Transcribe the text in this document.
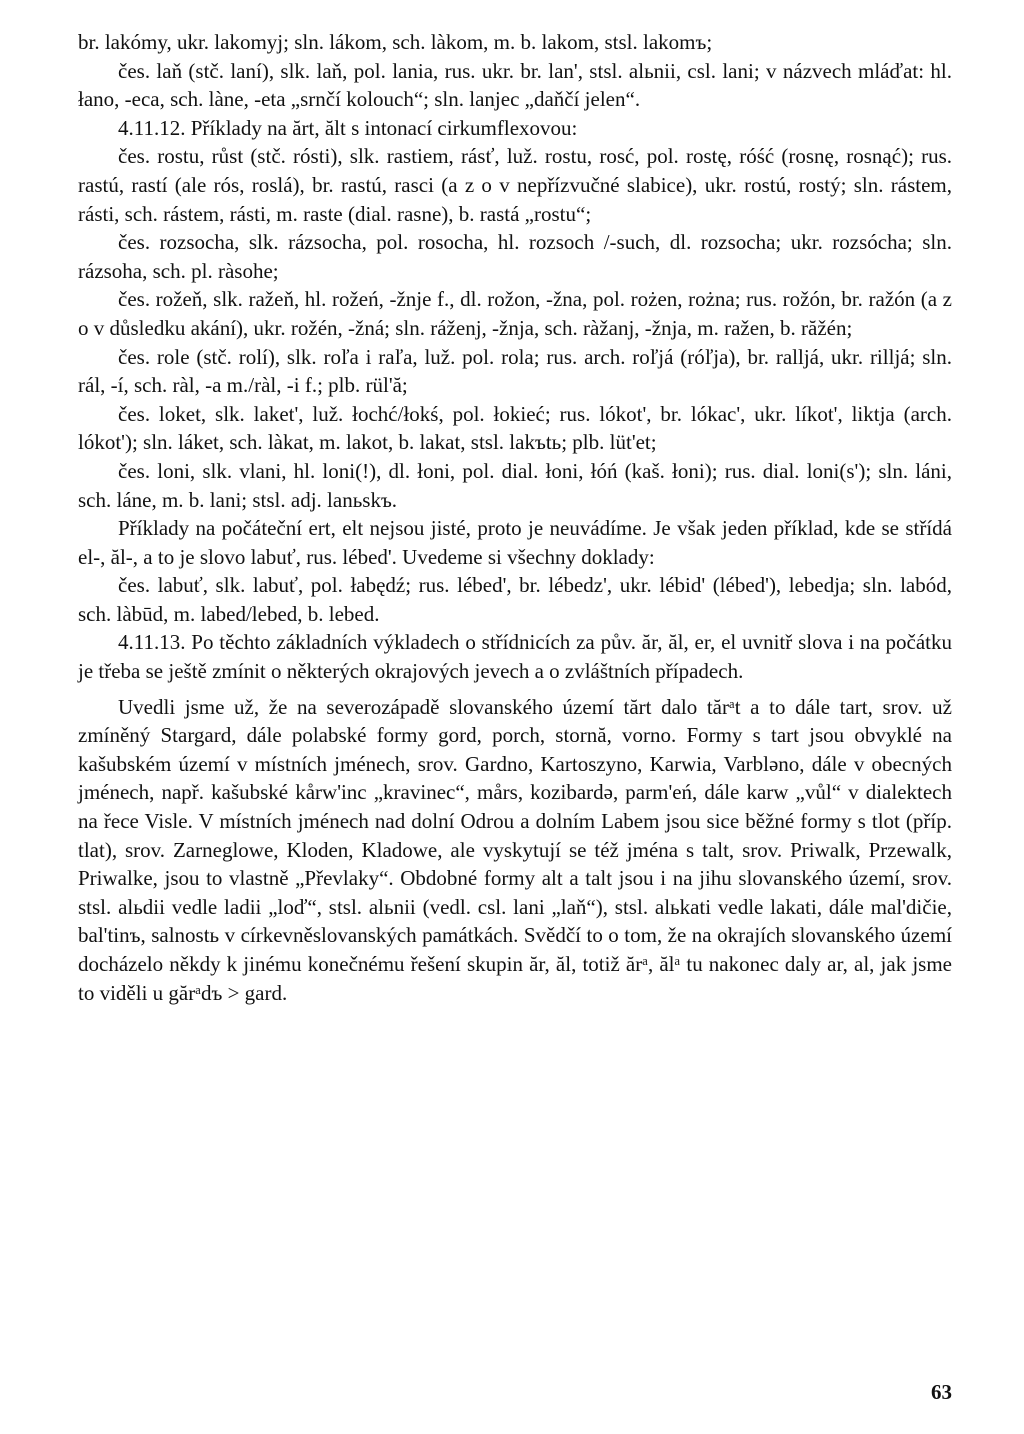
br. lakómy, ukr. lakomyj; sln. lákom, sch. làkom, m. b. lakom, stsl. lakomъ;

čes. laň (stč. laní), slk. laň, pol. lania, rus. ukr. br. lan', stsl. alьnii, csl. lani; v názvech mláďat: hl. łano, -eca, sch. làne, -eta „srnčí kolouch“; sln. lanjec „daňčí jelen“.

4.11.12. Příklady na ărt, ălt s intonací cirkumflexovou:

čes. rostu, růst (stč. rósti), slk. rastiem, rásť, luž. rostu, rosć, pol. rostę, róść (rosnę, rosnąć); rus. rastú, rastí (ale rós, roslá), br. rastú, rasci (a z o v nepřízvučné slabice), ukr. rostú, rostý; sln. rástem, rásti, sch. rástem, rásti, m. raste (dial. rasne), b. rastá „rostu“;

čes. rozsocha, slk. rázsocha, pol. rosocha, hl. rozsoch /-such, dl. rozsocha; ukr. rozsócha; sln. rázsoha, sch. pl. ràsohe;

čes. rožeň, slk. ražeň, hl. rožeń, -žnje f., dl. rožon, -žna, pol. rożen, rożna; rus. rožón, br. ražón (a z o v důsledku akání), ukr. rožén, -žná; sln. ráženj, -žnja, sch. ràžanj, -žnja, m. ražen, b. răžén;

čes. role (stč. rolí), slk. roľa i raľa, luž. pol. rola; rus. arch. roľjá (róľja), br. ralljá, ukr. rilljá; sln. rál, -í, sch. ràl, -a m./ràl, -i f.; plb. rül'ă;

čes. loket, slk. laket', luž. łochć/łokś, pol. łokieć; rus. lókot', br. lókac', ukr. líkot', liktja (arch. lókot'); sln. láket, sch. làkat, m. lakot, b. lakat, stsl. lakъtь; plb. lüt'et;

čes. loni, slk. vlani, hl. loni(!), dl. łoni, pol. dial. łoni, łóń (kaš. łoni); rus. dial. loni(s'); sln. láni, sch. láne, m. b. lani; stsl. adj. lanьskъ.

Příklady na počáteční ert, elt nejsou jisté, proto je neuvádíme. Je však jeden příklad, kde se střídá el-, ăl-, a to je slovo labuť, rus. lébed'. Uvedeme si všechny doklady:

čes. labuť, slk. labuť, pol. łabędź; rus. lébed', br. lébedz', ukr. lébid' (lébed'), lebedja; sln. labód, sch. làbūd, m. labed/lebed, b. lebed.

4.11.13. Po těchto základních výkladech o střídnicích za pův. ăr, ăl, er, el uvnitř slova i na počátku je třeba se ještě zmínit o některých okrajových jevech a o zvláštních případech.

Uvedli jsme už, že na severozápadě slovanského území tărt dalo tărᵃt a to dále tart, srov. už zmíněný Stargard, dále polabské formy gord, porch, stornă, vorno. Formy s tart jsou obvyklé na kašubském území v místních jménech, srov. Gardno, Kartoszyno, Karwia, Varbləno, dále v obecných jménech, např. kašubské kårw'inc „kravinec“, mårs, kozibardə, parm'eń, dále karw „vůl“ v dialektech na řece Visle. V místních jménech nad dolní Odrou a dolním Labem jsou sice běžné formy s tlot (příp. tlat), srov. Zarneglowe, Kloden, Kladowe, ale vyskytují se též jména s talt, srov. Priwalk, Przewalk, Priwalke, jsou to vlastně „Převlaky“. Obdobné formy alt a talt jsou i na jihu slovanského území, srov. stsl. alьdii vedle ladii „loď“, stsl. alьnii (vedl. csl. lani „laň“), stsl. alьkati vedle lakati, dále mal'dičie, bal'tinъ, salnostь v církevněslovanských památkách. Svědčí to o tom, že na okrajích slovanského území docházelo někdy k jinému konečnému řešení skupin ăr, ăl, totiž ărᵃ, ălᵃ tu nakonec daly ar, al, jak jsme to viděli u gărᵃdъ > gard.

63
